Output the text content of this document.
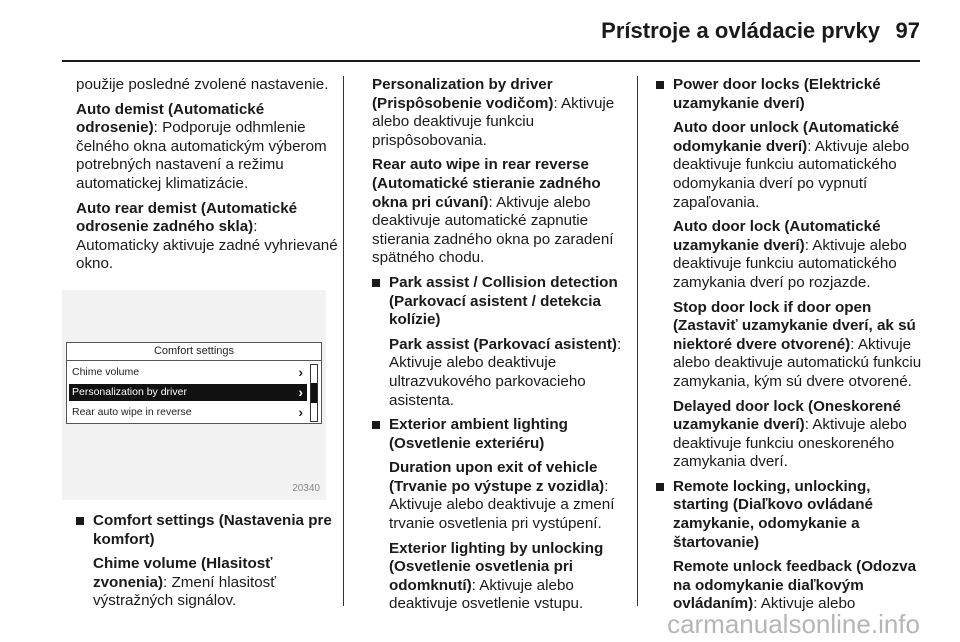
Prístroje a ovládacie prvky 97

použije posledné zvolené nastavenie.

Auto demist (Automatické odrosenie): Podporuje odhmlenie čelného okna automatickým výberom potrebných nastavení a režimu automatickej klimatizácie.

Auto rear demist (Automatické odrosenie zadného skla): Automaticky aktivuje zadné vyhrievané okno.

Comfort settings
Chime volume	›
Personalization by driver	›
Rear auto wipe in reverse	›
20340

Comfort settings (Nastavenia pre komfort)

Chime volume (Hlasitosť zvonenia): Zmení hlasitosť výstražných signálov.

Personalization by driver (Prispôsobenie vodičom): Aktivuje alebo deaktivuje funkciu prispôsobovania.

Rear auto wipe in rear reverse (Automatické stieranie zadného okna pri cúvaní): Aktivuje alebo deaktivuje automatické zapnutie stierania zadného okna po zaradení spätného chodu.

Park assist / Collision detection (Parkovací asistent / detekcia kolízie)

Park assist (Parkovací asistent): Aktivuje alebo deaktivuje ultrazvukového parkovacieho asistenta.

Exterior ambient lighting (Osvetlenie exteriéru)

Duration upon exit of vehicle (Trvanie po výstupe z vozidla): Aktivuje alebo deaktivuje a zmení trvanie osvetlenia pri vystúpení.

Exterior lighting by unlocking (Osvetlenie osvetlenia pri odomknutí): Aktivuje alebo deaktivuje osvetlenie vstupu.

Power door locks (Elektrické uzamykanie dverí)

Auto door unlock (Automatické odomykanie dverí): Aktivuje alebo deaktivuje funkciu automatického odomykania dverí po vypnutí zapaľovania.

Auto door lock (Automatické uzamykanie dverí): Aktivuje alebo deaktivuje funkciu automatického zamykania dverí po rozjazde.

Stop door lock if door open (Zastaviť uzamykanie dverí, ak sú niektoré dvere otvorené): Aktivuje alebo deaktivuje automatickú funkciu zamykania, kým sú dvere otvorené.

Delayed door lock (Oneskorené uzamykanie dverí): Aktivuje alebo deaktivuje funkciu oneskoreného zamykania dverí.

Remote locking, unlocking, starting (Diaľkovo ovládané zamykanie, odomykanie a štartovanie)

Remote unlock feedback (Odozva na odomykanie diaľkovým ovládaním): Aktivuje alebo

carmanualsonline.info
